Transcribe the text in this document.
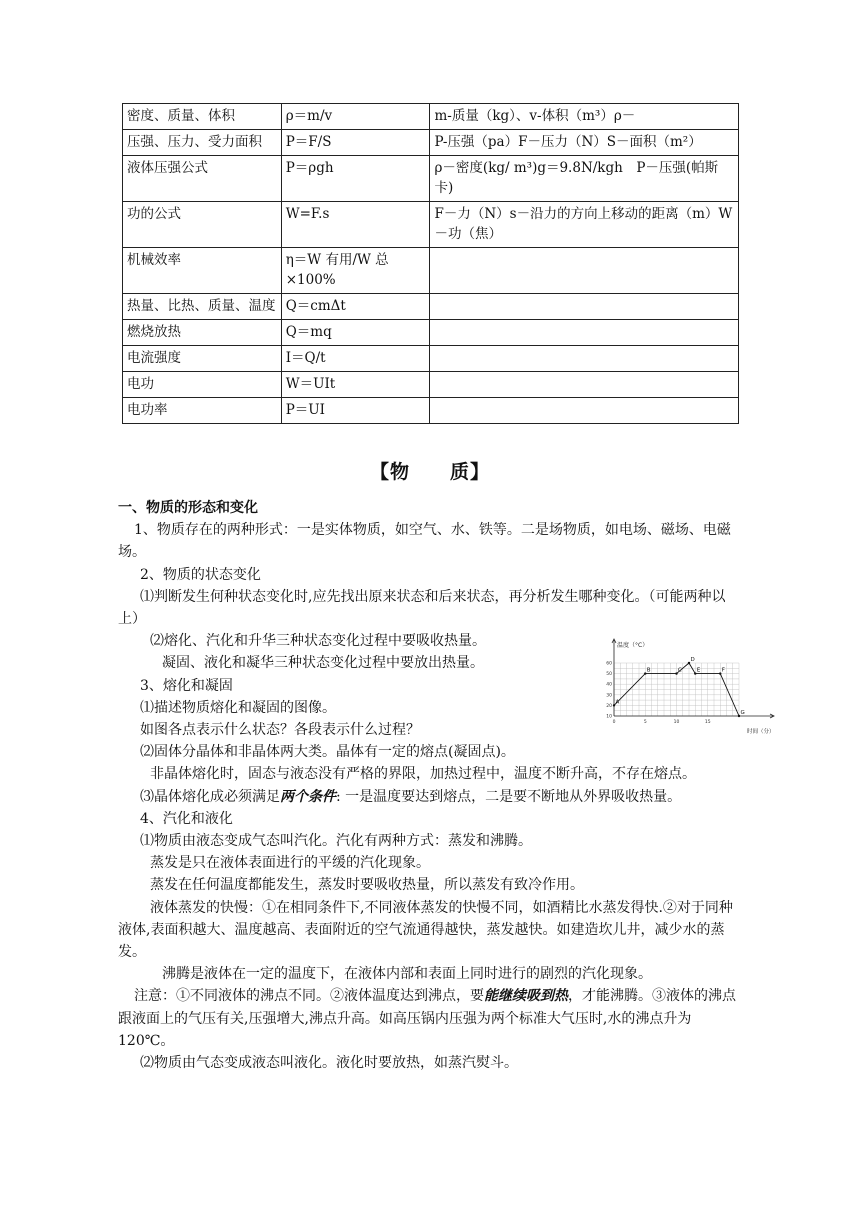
密度、质量、体积	ρ＝m/v	m-质量（kg）、v-体积（m³）ρ－
压强、压力、受力面积	P＝F/S	P-压强（pa）F－压力（N）S－面积（m²）
液体压强公式	P＝ρgh	ρ－密度(kg/ m³)g＝9.8N/kgh　P－压强(帕斯卡)
功的公式	W=F.s	F－力（N）s－沿力的方向上移动的距离（m）W－功（焦）
机械效率	η＝W 有用/W 总×100%	
热量、比热、质量、温度	Q＝cmΔt	
燃烧放热	Q＝mq	
电流强度	I＝Q/t	
电功	W＝UIt	
电功率	P＝UI	
【物　　质】

一、物质的形态和变化

1、物质存在的两种形式：一是实体物质，如空气、水、铁等。二是场物质，如电场、磁场、电磁场。

2、物质的状态变化

⑴判断发生何种状态变化时,应先找出原来状态和后来状态，再分析发生哪种变化。（可能两种以上）

⑵熔化、汽化和升华三种状态变化过程中要吸收热量。

凝固、液化和凝华三种状态变化过程中要放出热量。

3、熔化和凝固

⑴描述物质熔化和凝固的图像。

如图各点表示什么状态？各段表示什么过程？

⑵固体分晶体和非晶体两大类。晶体有一定的熔点(凝固点)。

非晶体熔化时，固态与液态没有严格的界限，加热过程中，温度不断升高，不存在熔点。

⑶晶体熔化成必须满足两个条件: 一是温度要达到熔点，二是要不断地从外界吸收热量。

4、汽化和液化

⑴物质由液态变成气态叫汽化。汽化有两种方式：蒸发和沸腾。

蒸发是只在液体表面进行的平缓的汽化现象。

蒸发在任何温度都能发生，蒸发时要吸收热量，所以蒸发有致冷作用。

液体蒸发的快慢：①在相同条件下,不同液体蒸发的快慢不同，如酒精比水蒸发得快.②对于同种液体,表面积越大、温度越高、表面附近的空气流通得越快，蒸发越快。如建造坎儿井，减少水的蒸发。

沸腾是液体在一定的温度下，在液体内部和表面上同时进行的剧烈的汽化现象。

注意：①不同液体的沸点不同。②液体温度达到沸点，要能继续吸到热，才能沸腾。③液体的沸点跟液面上的气压有关,压强增大,沸点升高。如高压锅内压强为两个标准大气压时,水的沸点升为120℃。

⑵物质由气态变成液态叫液化。液化时要放热，如蒸汽熨斗。

温度（°C）
时间（分）
60
50
40
30
20
10
0	5	10	15
A
B	C
D
E	F
G
